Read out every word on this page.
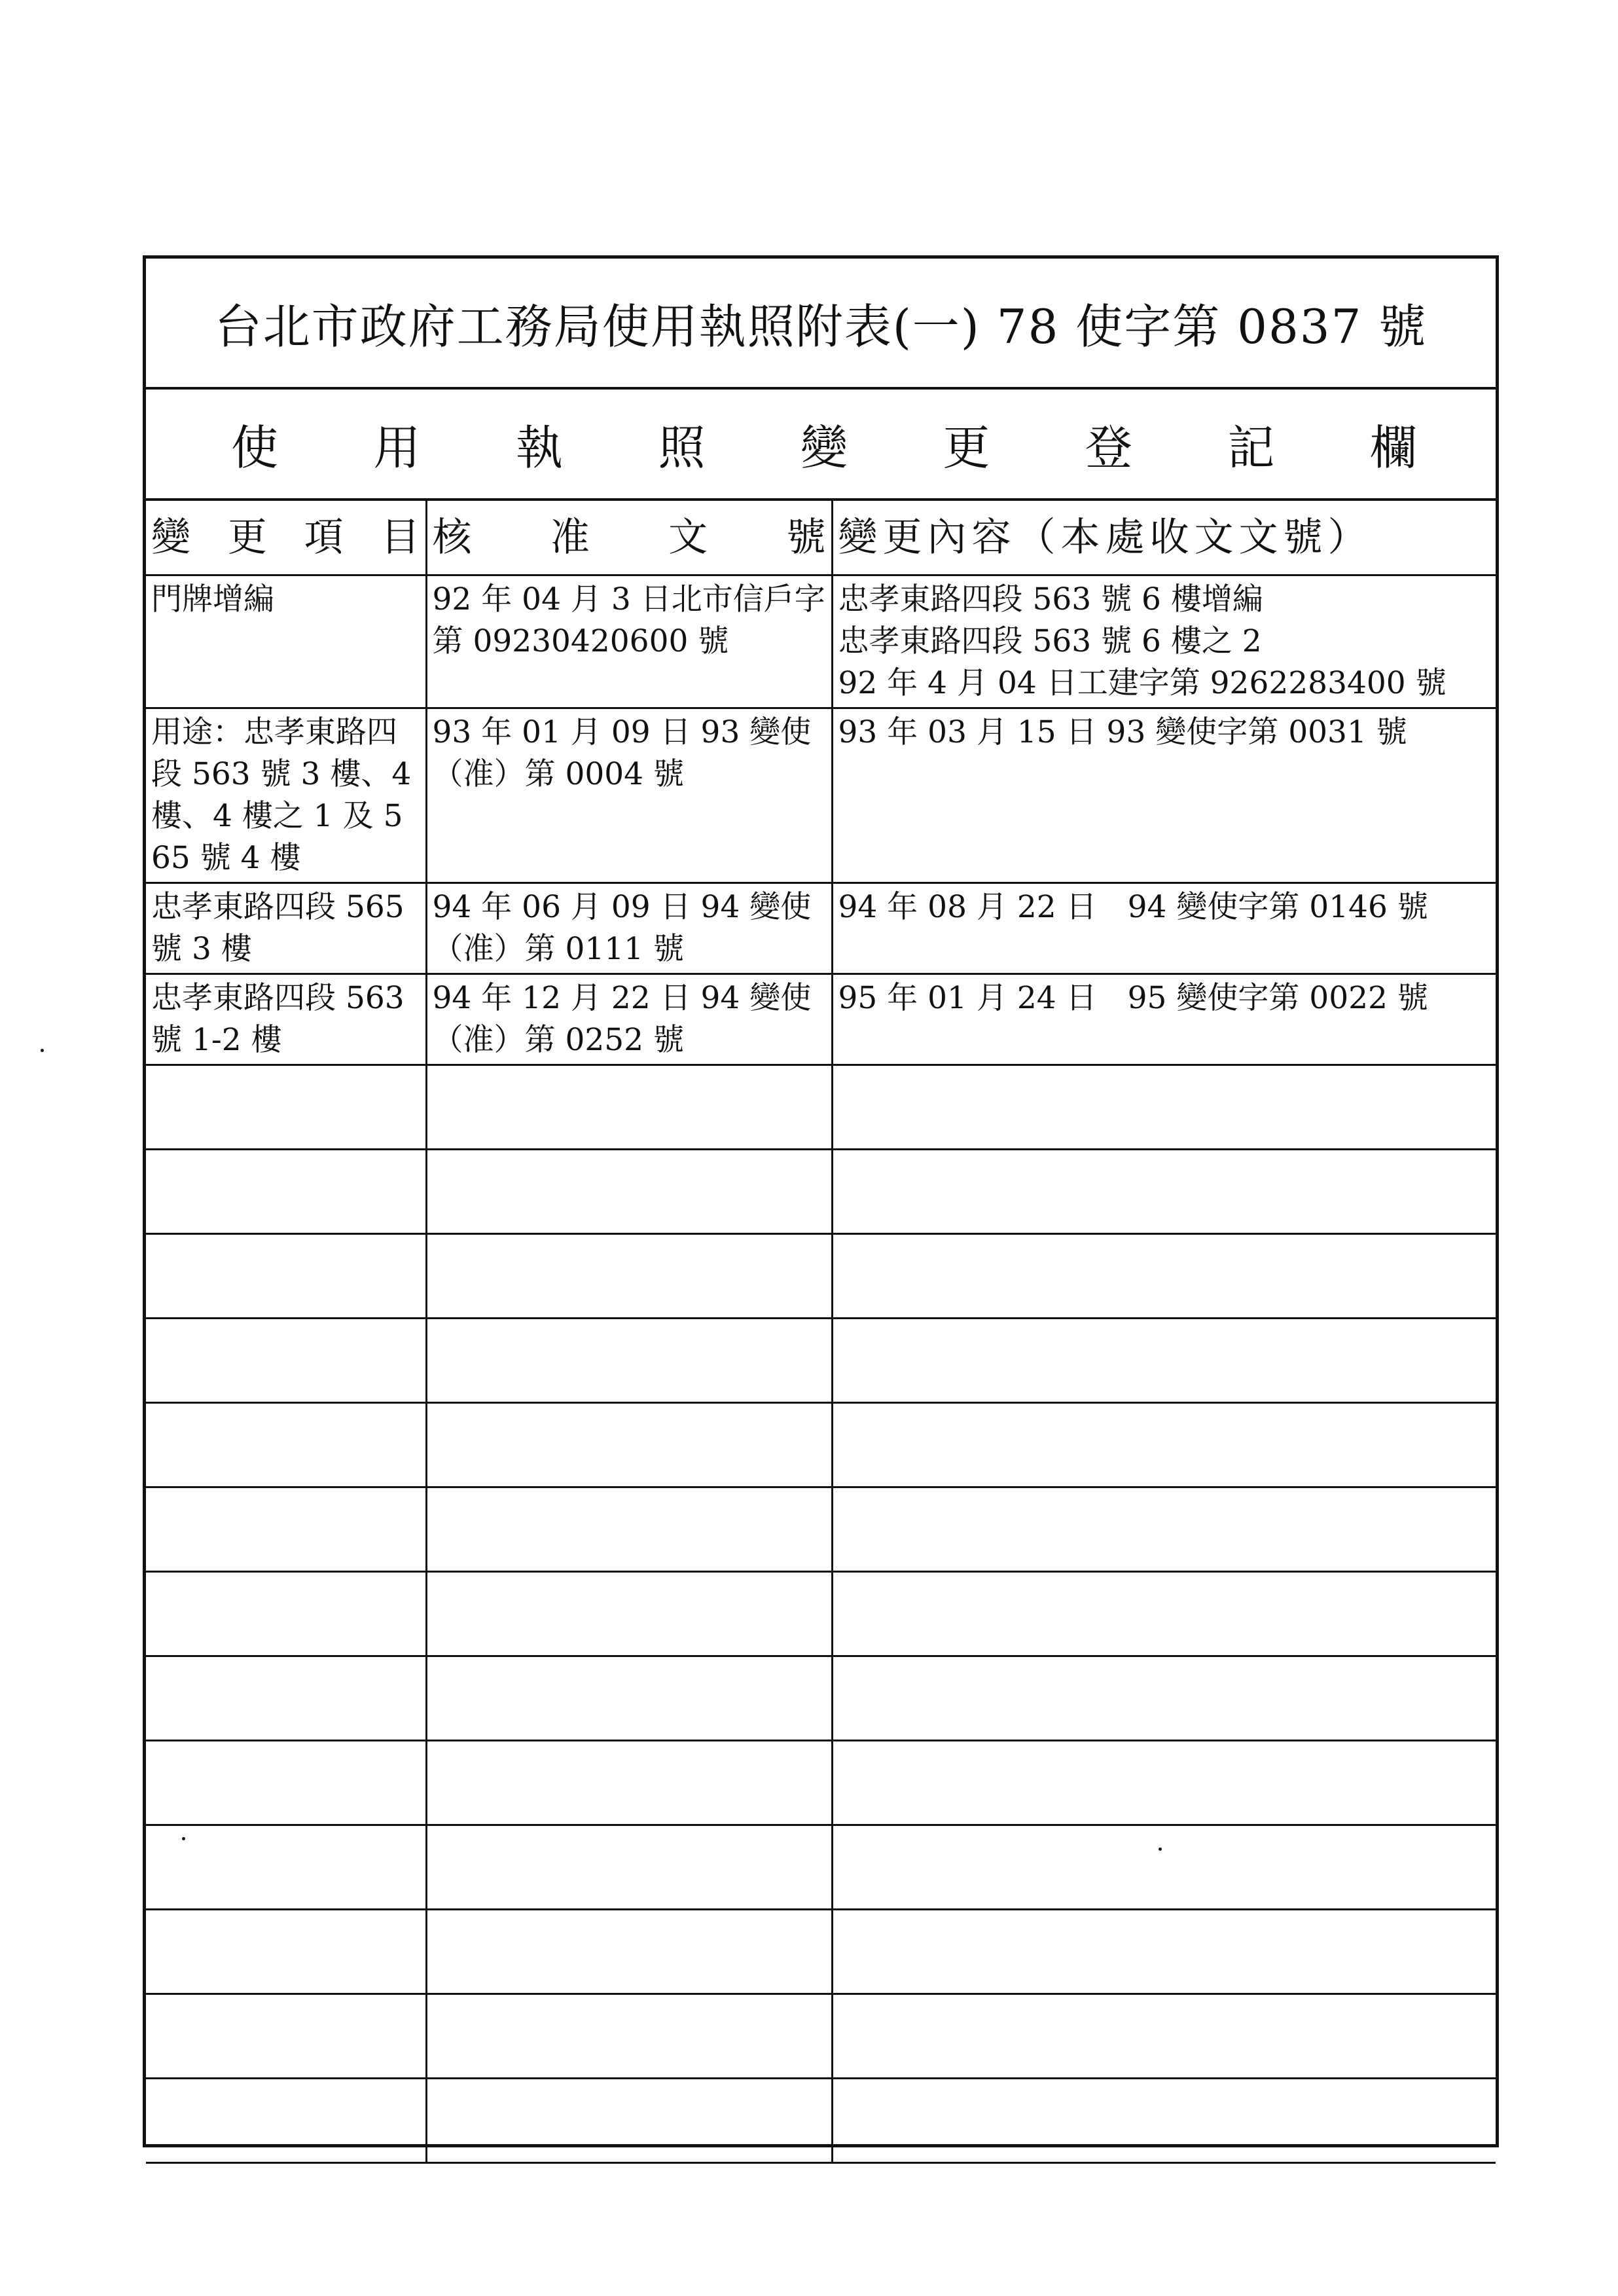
台北市政府工務局使用執照附表(一) 78 使字第 0837 號
使 用 執 照 變 更 登 記 欄
變 更 項 目	核 准 文 號	變更內容（本處收文文號）
門牌增編	92 年 04 月 3 日北市信戶字第 09230420600 號	忠孝東路四段 563 號 6 樓增編
忠孝東路四段 563 號 6 樓之 2
92 年 4 月 04 日工建字第 9262283400 號

用途：忠孝東路四段 563 號 3 樓、4 樓、4 樓之 1 及 565 號 4 樓	93 年 01 月 09 日 93 變使（准）第 0004 號	93 年 03 月 15 日 93 變使字第 0031 號

忠孝東路四段 565 號 3 樓	94 年 06 月 09 日 94 變使（准）第 0111 號	94 年 08 月 22 日　94 變使字第 0146 號

忠孝東路四段 563 號 1-2 樓	94 年 12 月 22 日 94 變使（准）第 0252 號	95 年 01 月 24 日　95 變使字第 0022 號
